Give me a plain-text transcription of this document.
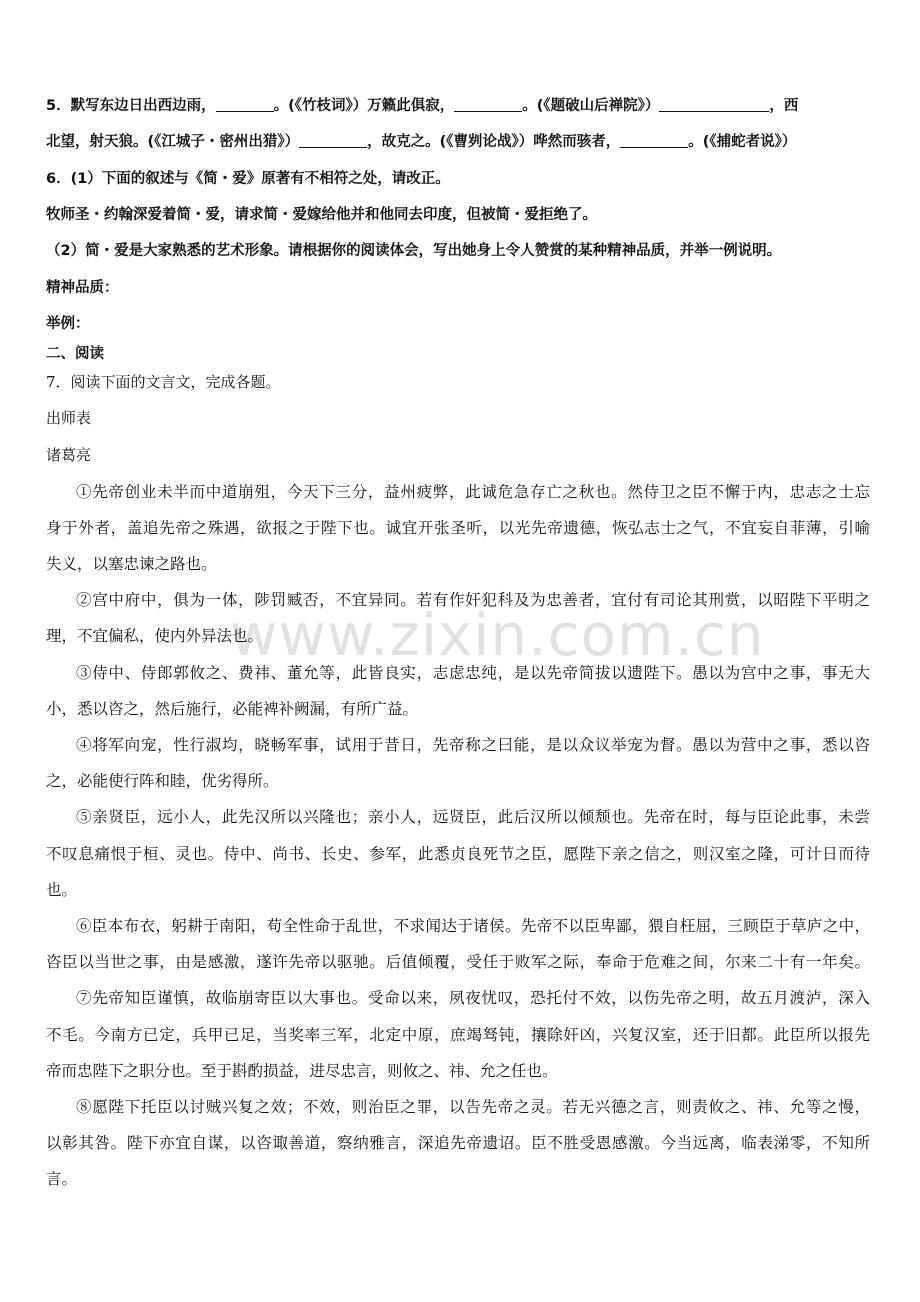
www.zixin.com.cn
5．默写东边日出西边雨，	。(《竹枝词》）万籁此俱寂，	。(《题破山后禅院》）	，西
北望，射天狼。(《江城子・密州出猎》）	，故克之。(《曹刿论战》）哗然而骇者，	。(《捕蛇者说》）
6．(1）下面的叙述与《简・爱》原著有不相符之处，请改正。
牧师圣・约翰深爱着简・爱，请求简・爱嫁给他并和他同去印度，但被简・爱拒绝了。
（2）简・爱是大家熟悉的艺术形象。请根据你的阅读体会，写出她身上令人赞赏的某种精神品质，并举一例说明。
精神品质：
举例：
二、阅读
7．阅读下面的文言文，完成各题。
出师表
诸葛亮
①先帝创业未半而中道崩殂，今天下三分，益州疲弊，此诚危急存亡之秋也。然侍卫之臣不懈于内，忠志之士忘
身于外者，盖追先帝之殊遇，欲报之于陛下也。诚宜开张圣听，以光先帝遗德，恢弘志士之气，不宜妄自菲薄，引喻
失义，以塞忠谏之路也。
②宫中府中，俱为一体，陟罚臧否，不宜异同。若有作奸犯科及为忠善者，宜付有司论其刑赏，以昭陛下平明之
理，不宜偏私，使内外异法也。
③侍中、侍郎郭攸之、费祎、董允等，此皆良实，志虑忠纯，是以先帝简拔以遗陛下。愚以为宫中之事，事无大
小，悉以咨之，然后施行，必能裨补阙漏，有所广益。
④将军向宠，性行淑均，晓畅军事，试用于昔日，先帝称之曰能，是以众议举宠为督。愚以为营中之事，悉以咨
之，必能使行阵和睦，优劣得所。
⑤亲贤臣，远小人，此先汉所以兴隆也；亲小人，远贤臣，此后汉所以倾颓也。先帝在时，每与臣论此事，未尝
不叹息痛恨于桓、灵也。侍中、尚书、长史、参军，此悉贞良死节之臣，愿陛下亲之信之，则汉室之隆，可计日而待
也。
⑥臣本布衣，躬耕于南阳，苟全性命于乱世，不求闻达于诸侯。先帝不以臣卑鄙，猥自枉屈，三顾臣于草庐之中，
咨臣以当世之事，由是感激，遂许先帝以驱驰。后值倾覆，受任于败军之际，奉命于危难之间，尔来二十有一年矣。
⑦先帝知臣谨慎，故临崩寄臣以大事也。受命以来，夙夜忧叹，恐托付不效，以伤先帝之明，故五月渡泸，深入
不毛。今南方已定，兵甲已足，当奖率三军，北定中原，庶竭驽钝，攘除奸凶，兴复汉室，还于旧都。此臣所以报先
帝而忠陛下之职分也。至于斟酌损益，进尽忠言，则攸之、祎、允之任也。
⑧愿陛下托臣以讨贼兴复之效；不效，则治臣之罪，以告先帝之灵。若无兴德之言，则责攸之、祎、允等之慢，
以彰其咎。陛下亦宜自谋，以咨诹善道，察纳雅言，深追先帝遗诏。臣不胜受恩感激。今当远离，临表涕零，不知所
言。
